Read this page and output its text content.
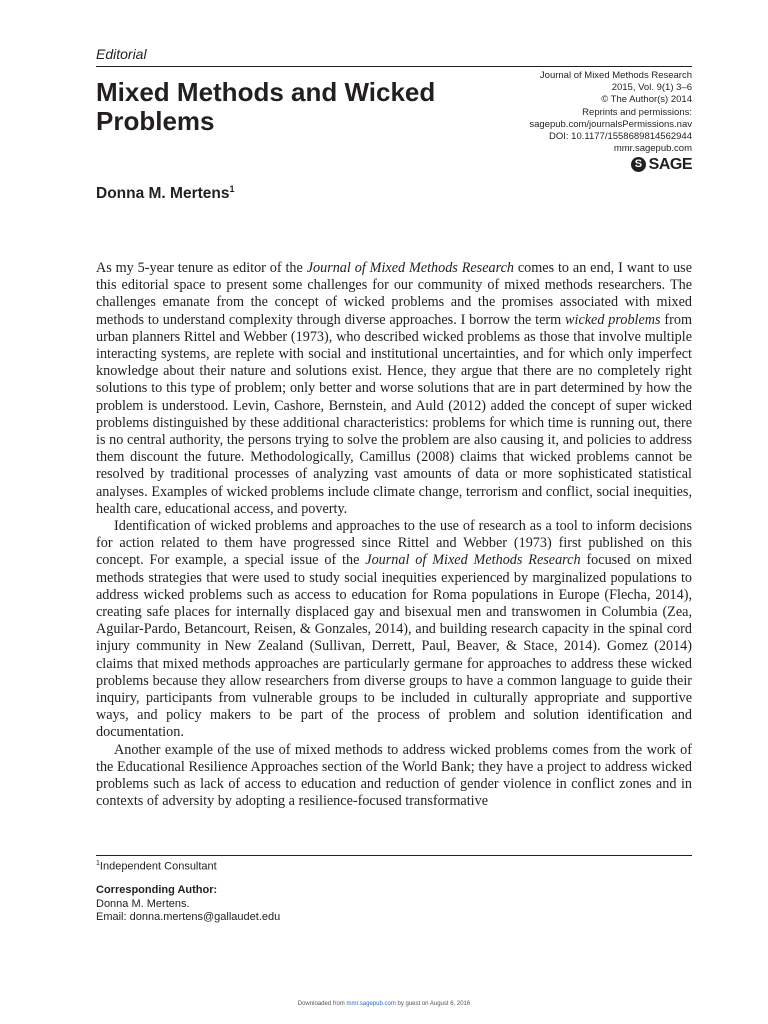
Editorial
Mixed Methods and Wicked Problems
Journal of Mixed Methods Research
2015, Vol. 9(1) 3–6
© The Author(s) 2014
Reprints and permissions:
sagepub.com/journalsPermissions.nav
DOI: 10.1177/1558689814562944
mmr.sagepub.com
S SAGE
Donna M. Mertens$^1$

As my 5-year tenure as editor of the Journal of Mixed Methods Research comes to an end, I want to use this editorial space to present some challenges for our community of mixed methods researchers. The challenges emanate from the concept of wicked problems and the promises associated with mixed methods to understand complexity through diverse approaches. I borrow the term wicked problems from urban planners Rittel and Webber (1973), who described wicked problems as those that involve multiple interacting systems, are replete with social and institutional uncertainties, and for which only imperfect knowledge about their nature and solutions exist. Hence, they argue that there are no completely right solutions to this type of problem; only better and worse solutions that are in part determined by how the problem is understood. Levin, Cashore, Bernstein, and Auld (2012) added the concept of super wicked problems distinguished by these additional characteristics: problems for which time is running out, there is no central authority, the persons trying to solve the problem are also causing it, and policies to address them discount the future. Methodologically, Camillus (2008) claims that wicked problems cannot be resolved by traditional processes of analyzing vast amounts of data or more sophisticated statistical analyses. Examples of wicked problems include climate change, terrorism and conflict, social inequities, health care, educational access, and poverty.

Identification of wicked problems and approaches to the use of research as a tool to inform decisions for action related to them have progressed since Rittel and Webber (1973) first published on this concept. For example, a special issue of the Journal of Mixed Methods Research focused on mixed methods strategies that were used to study social inequities experienced by marginalized populations to address wicked problems such as access to education for Roma populations in Europe (Flecha, 2014), creating safe places for internally displaced gay and bisexual men and transwomen in Columbia (Zea, Aguilar-Pardo, Betancourt, Reisen, & Gonzales, 2014), and building research capacity in the spinal cord injury community in New Zealand (Sullivan, Derrett, Paul, Beaver, & Stace, 2014). Gomez (2014) claims that mixed methods approaches are particularly germane for approaches to address these wicked problems because they allow researchers from diverse groups to have a common language to guide their inquiry, participants from vulnerable groups to be included in culturally appropriate and supportive ways, and policy makers to be part of the process of problem and solution identification and documentation.

Another example of the use of mixed methods to address wicked problems comes from the work of the Educational Resilience Approaches section of the World Bank; they have a project to address wicked problems such as lack of access to education and reduction of gender violence in conflict zones and in contexts of adversity by adopting a resilience-focused transformative

$^1$Independent Consultant
Corresponding Author:
Donna M. Mertens.
Email: donna.mertens@gallaudet.edu
Downloaded from mmr.sagepub.com by guest on August 6, 2016
